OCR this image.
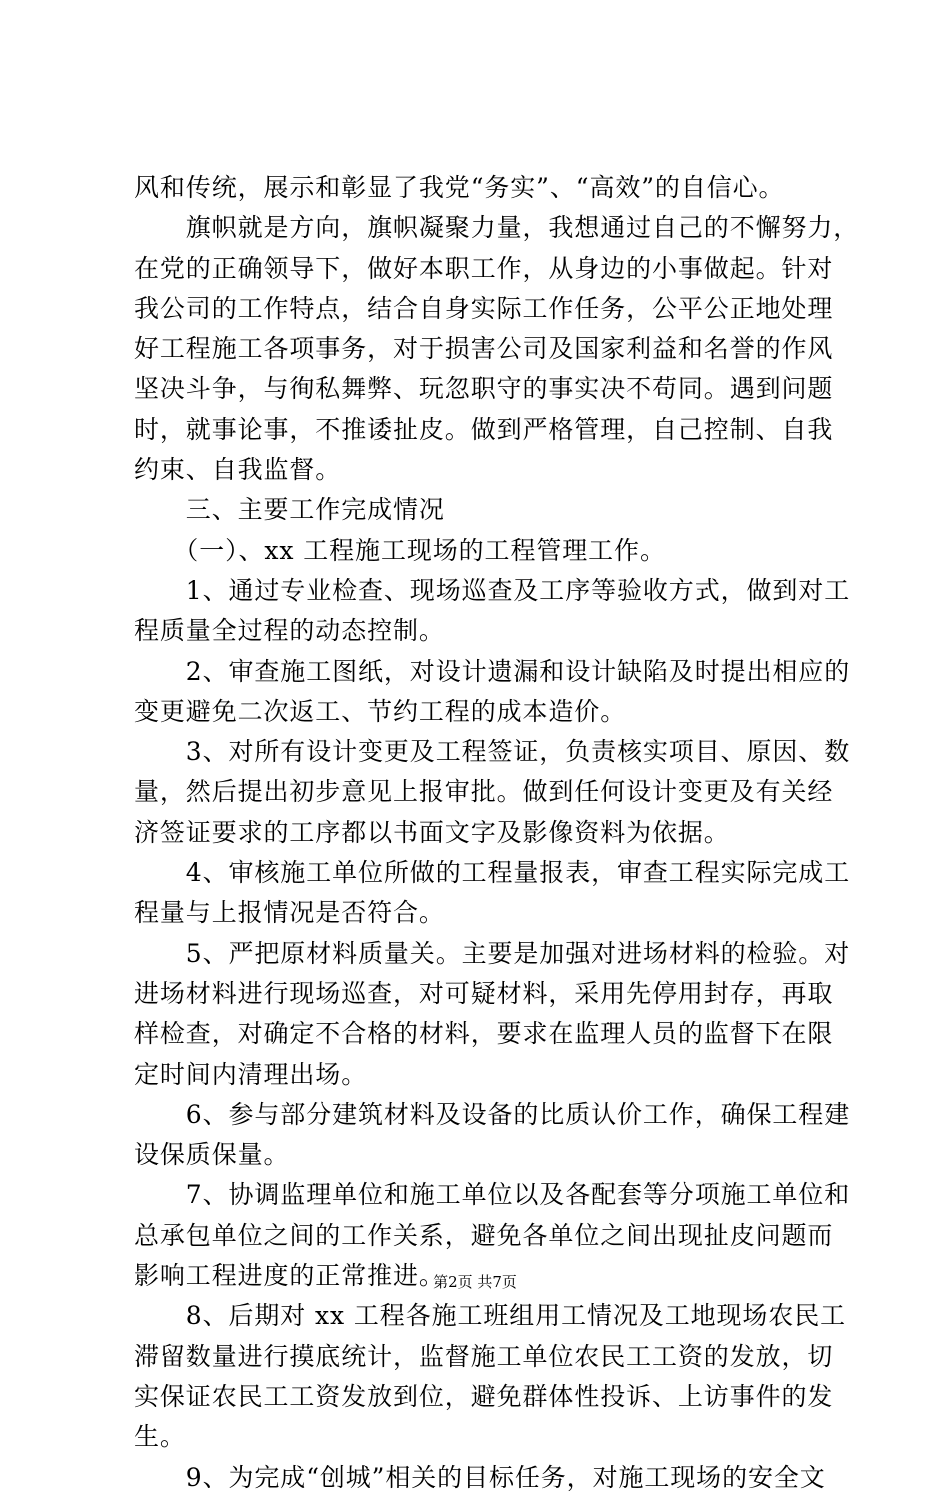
风和传统，展示和彰显了我党“务实”、“高效”的自信心。
　　旗帜就是方向，旗帜凝聚力量，我想通过自己的不懈努力，
在党的正确领导下，做好本职工作，从身边的小事做起。针对
我公司的工作特点，结合自身实际工作任务，公平公正地处理
好工程施工各项事务，对于损害公司及国家利益和名誉的作风
坚决斗争，与徇私舞弊、玩忽职守的事实决不苟同。遇到问题
时，就事论事，不推诿扯皮。做到严格管理，自己控制、自我
约束、自我监督。
　　三、主要工作完成情况
　　（一）、xx 工程施工现场的工程管理工作。
　　1、通过专业检查、现场巡查及工序等验收方式，做到对工
程质量全过程的动态控制。
　　2、审查施工图纸，对设计遗漏和设计缺陷及时提出相应的
变更避免二次返工、节约工程的成本造价。
　　3、对所有设计变更及工程签证，负责核实项目、原因、数
量，然后提出初步意见上报审批。做到任何设计变更及有关经
济签证要求的工序都以书面文字及影像资料为依据。
　　4、审核施工单位所做的工程量报表，审查工程实际完成工
程量与上报情况是否符合。
　　5、严把原材料质量关。主要是加强对进场材料的检验。对
进场材料进行现场巡查，对可疑材料，采用先停用封存，再取
样检查，对确定不合格的材料，要求在监理人员的监督下在限
定时间内清理出场。
　　6、参与部分建筑材料及设备的比质认价工作，确保工程建
设保质保量。
　　7、协调监理单位和施工单位以及各配套等分项施工单位和
总承包单位之间的工作关系，避免各单位之间出现扯皮问题而
影响工程进度的正常推进。
　　8、后期对 xx 工程各施工班组用工情况及工地现场农民工
滞留数量进行摸底统计，监督施工单位农民工工资的发放，切
实保证农民工工资发放到位，避免群体性投诉、上访事件的发
生。
　　9、为完成“创城”相关的目标任务，对施工现场的安全文
第2页 共7页
